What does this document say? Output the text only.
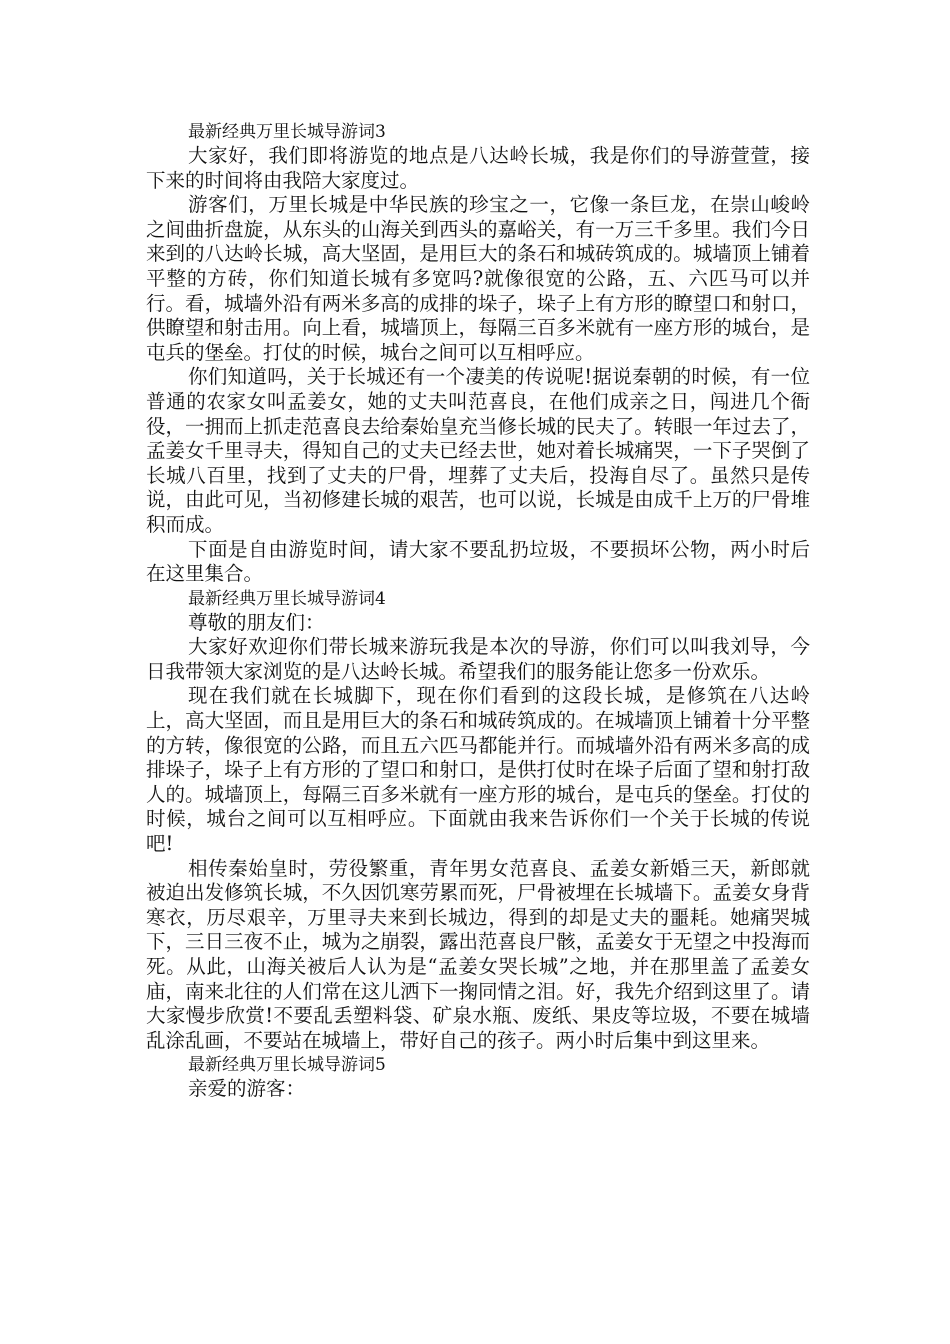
最新经典万里长城导游词3

大家好，我们即将游览的地点是八达岭长城，我是你们的导游萱萱，接下来的时间将由我陪大家度过。

游客们，万里长城是中华民族的珍宝之一，它像一条巨龙，在崇山峻岭之间曲折盘旋，从东头的山海关到西头的嘉峪关，有一万三千多里。我们今日来到的八达岭长城，高大坚固，是用巨大的条石和城砖筑成的。城墙顶上铺着平整的方砖，你们知道长城有多宽吗?就像很宽的公路，五、六匹马可以并行。看，城墙外沿有两米多高的成排的垛子，垛子上有方形的瞭望口和射口，供瞭望和射击用。向上看，城墙顶上，每隔三百多米就有一座方形的城台，是屯兵的堡垒。打仗的时候，城台之间可以互相呼应。

你们知道吗，关于长城还有一个凄美的传说呢!据说秦朝的时候，有一位普通的农家女叫孟姜女，她的丈夫叫范喜良，在他们成亲之日，闯进几个衙役，一拥而上抓走范喜良去给秦始皇充当修长城的民夫了。转眼一年过去了，孟姜女千里寻夫，得知自己的丈夫已经去世，她对着长城痛哭，一下子哭倒了长城八百里，找到了丈夫的尸骨，埋葬了丈夫后，投海自尽了。虽然只是传说，由此可见，当初修建长城的艰苦，也可以说，长城是由成千上万的尸骨堆积而成。

下面是自由游览时间，请大家不要乱扔垃圾，不要损坏公物，两小时后在这里集合。

最新经典万里长城导游词4

尊敬的朋友们：

大家好欢迎你们带长城来游玩我是本次的导游，你们可以叫我刘导，今日我带领大家浏览的是八达岭长城。希望我们的服务能让您多一份欢乐。

现在我们就在长城脚下，现在你们看到的这段长城，是修筑在八达岭上，高大坚固，而且是用巨大的条石和城砖筑成的。在城墙顶上铺着十分平整的方转，像很宽的公路，而且五六匹马都能并行。而城墙外沿有两米多高的成排垛子，垛子上有方形的了望口和射口，是供打仗时在垛子后面了望和射打敌人的。城墙顶上，每隔三百多米就有一座方形的城台，是屯兵的堡垒。打仗的时候，城台之间可以互相呼应。下面就由我来告诉你们一个关于长城的传说吧!

相传秦始皇时，劳役繁重，青年男女范喜良、孟姜女新婚三天，新郎就被迫出发修筑长城，不久因饥寒劳累而死，尸骨被埋在长城墙下。孟姜女身背寒衣，历尽艰辛，万里寻夫来到长城边，得到的却是丈夫的噩耗。她痛哭城下，三日三夜不止，城为之崩裂，露出范喜良尸骸，孟姜女于无望之中投海而死。从此，山海关被后人认为是“孟姜女哭长城”之地，并在那里盖了孟姜女庙，南来北往的人们常在这儿洒下一掬同情之泪。好，我先介绍到这里了。请大家慢步欣赏!不要乱丢塑料袋、矿泉水瓶、废纸、果皮等垃圾，不要在城墙乱涂乱画，不要站在城墙上，带好自己的孩子。两小时后集中到这里来。

最新经典万里长城导游词5

亲爱的游客：
